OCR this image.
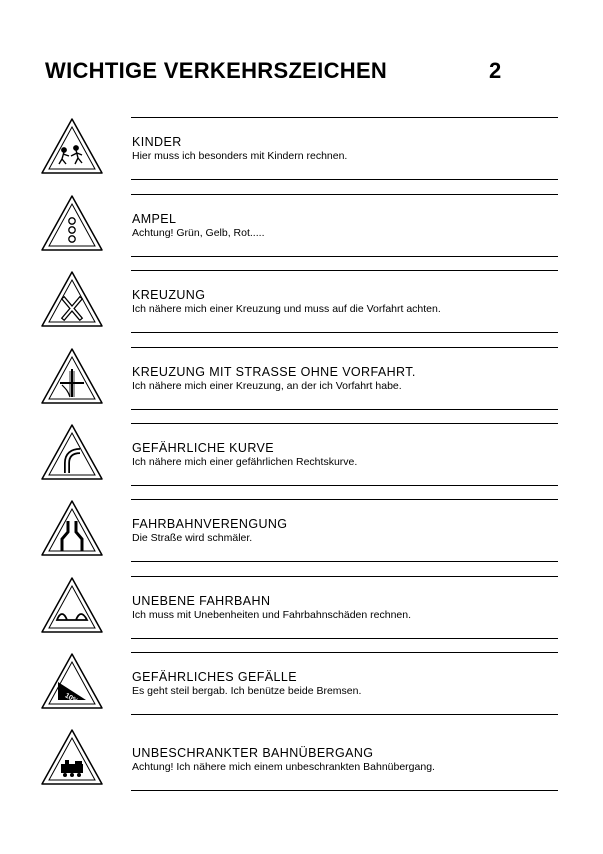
WICHTIGE VERKEHRSZEICHEN	2
KINDER
Hier muss ich besonders mit Kindern rechnen.
AMPEL
Achtung! Grün, Gelb, Rot.....
KREUZUNG
Ich nähere mich einer Kreuzung und muss auf die Vorfahrt achten.
KREUZUNG MIT STRASSE OHNE VORFAHRT.
Ich nähere mich einer Kreuzung, an der ich Vorfahrt habe.
GEFÄHRLICHE KURVE
Ich nähere mich einer gefährlichen Rechtskurve.
FAHRBAHNVERENGUNG
Die Straße wird schmäler.
UNEBENE FAHRBAHN
Ich muss mit Unebenheiten und Fahrbahnschäden rechnen.
10%
GEFÄHRLICHES GEFÄLLE
Es geht steil bergab. Ich benütze beide Bremsen.
UNBESCHRANKTER BAHNÜBERGANG
Achtung! Ich nähere mich einem unbeschrankten Bahnübergang.
